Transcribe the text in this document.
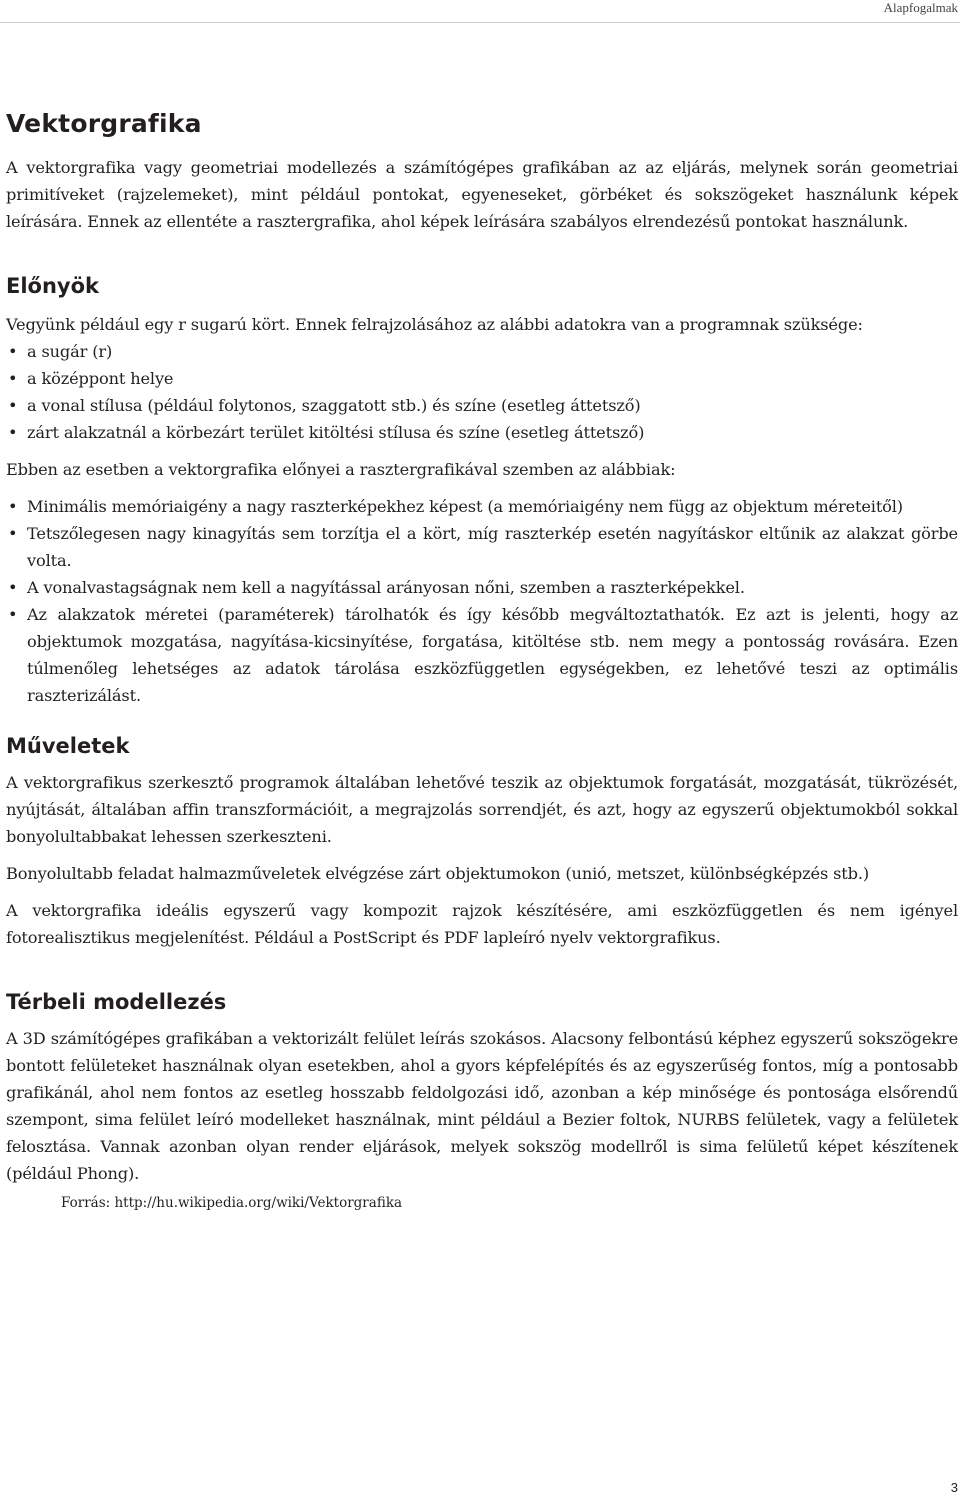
Alapfogalmak
Vektorgrafika

A vektorgrafika vagy geometriai modellezés a számítógépes grafikában az az eljárás, melynek során geometriai primitíveket (rajzelemeket), mint például pontokat, egyeneseket, görbéket és sokszögeket használunk képek leírására. Ennek az ellentéte a rasztergrafika, ahol képek leírására szabályos elrendezésű pontokat használunk.

Előnyök

Vegyünk például egy r sugarú kört. Ennek felrajzolásához az alábbi adatokra van a programnak szüksége:

• a sugár (r)
• a középpont helye
• a vonal stílusa (például folytonos, szaggatott stb.) és színe (esetleg áttetsző)
• zárt alakzatnál a körbezárt terület kitöltési stílusa és színe (esetleg áttetsző)

Ebben az esetben a vektorgrafika előnyei a rasztergrafikával szemben az alábbiak:

• Minimális memóriaigény a nagy raszterképekhez képest (a memóriaigény nem függ az objektum méreteitől)
• Tetszőlegesen nagy kinagyítás sem torzítja el a kört, míg raszterkép esetén nagyításkor eltűnik az alakzat görbe volta.
• A vonalvastagságnak nem kell a nagyítással arányosan nőni, szemben a raszterképekkel.
• Az alakzatok méretei (paraméterek) tárolhatók és így később megváltoztathatók. Ez azt is jelenti, hogy az objektumok mozgatása, nagyítása-kicsinyítése, forgatása, kitöltése stb. nem megy a pontosság rovására. Ezen túlmenőleg lehetséges az adatok tárolása eszközfüggetlen egységekben, ez lehetővé teszi az optimális raszterizálást.
Műveletek

A vektorgrafikus szerkesztő programok általában lehetővé teszik az objektumok forgatását, mozgatását, tükrözését, nyújtását, általában affin transzformációit, a megrajzolás sorrendjét, és azt, hogy az egyszerű objektumokból sokkal bonyolultabbakat lehessen szerkeszteni.

Bonyolultabb feladat halmazműveletek elvégzése zárt objektumokon (unió, metszet, különbségképzés stb.)

A vektorgrafika ideális egyszerű vagy kompozit rajzok készítésére, ami eszközfüggetlen és nem igényel fotorealisztikus megjelenítést. Például a PostScript és PDF lapleíró nyelv vektorgrafikus.

Térbeli modellezés

A 3D számítógépes grafikában a vektorizált felület leírás szokásos. Alacsony felbontású képhez egyszerű sokszögekre bontott felületeket használnak olyan esetekben, ahol a gyors képfelépítés és az egyszerűség fontos, míg a pontosabb grafikánál, ahol nem fontos az esetleg hosszabb feldolgozási idő, azonban a kép minősége és pontosága elsőrendű szempont, sima felület leíró modelleket használnak, mint például a Bezier foltok, NURBS felületek, vagy a felületek felosztása. Vannak azonban olyan render eljárások, melyek sokszög modellről is sima felületű képet készítenek (például Phong).

Forrás: http://hu.wikipedia.org/wiki/Vektorgrafika
3
